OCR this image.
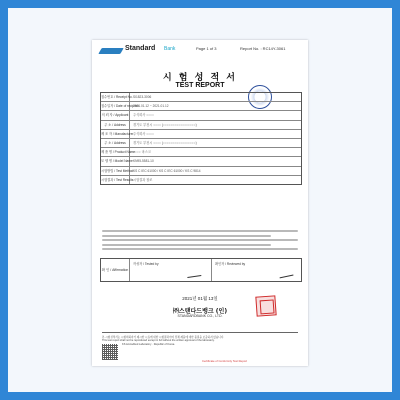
Standard Bank	Page 1 of 3	Report No. : RC14Y-3061
시 험 성 적 서
TEST REPORT
접수번호 / Receipt No. SI1823-3006
접수일자 / Date of recipient
2021.01.12 ~ 2021.01.12
의 뢰 자 / Applicant	주식회사 ○○○○
주 소 / Address	경기도 부천시 ○○○○ (○○○○○○○○○○○○○○○○○)
제 조 자 / Manufacturer 주식회사 ○○○○
주 소 / Address	경기도 부천시 ○○○○ (○○○○○○○○○○○○○○○○○)
제 품 명 / Product Name
○○○○ 마스크
모 델 명 / Model Name KN95-5581-10
시험방법 / Test Method KS C IEC 61000 / KS C IEC 61000 / KS C 9814
시험결과 / Test Results 시험결과 참조
확 인 / Affirmation
작성자 / Tested by	확인자 / Reviewed by
2021년 01월 13일
㈜스탠다드뱅크 (인)
STANDARDBANK CO., LTD.
본 시험성적서는 시험의뢰자가 제시한 시료에 대한 시험결과이며 전체 제품에 대한 품질을 보증하지 않습니다.
This test report shall not be reproduced except in full without the written approval of the laboratory.
KS Accredited Laboratory · Republic of Korea
Certificate of Conformity Test Report
